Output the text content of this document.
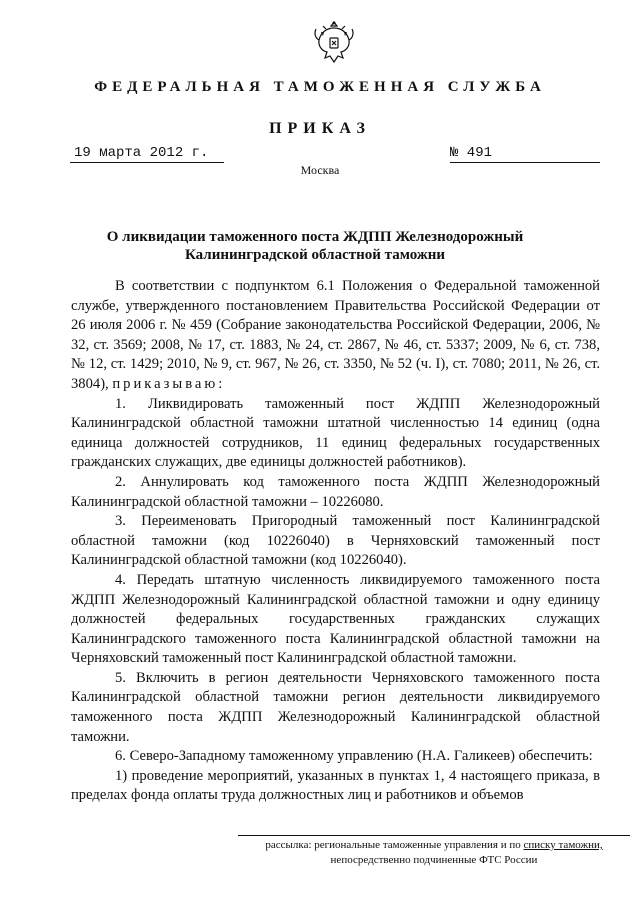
ФЕДЕРАЛЬНАЯ ТАМОЖЕННАЯ СЛУЖБА
ПРИКАЗ
19 марта 2012 г.	№ 491
Москва
О ликвидации таможенного поста ЖДПП Железнодорожный
Калининградской областной таможни

В соответствии с подпунктом 6.1 Положения о Федеральной таможенной службе, утвержденного постановлением Правительства Российской Федерации от 26 июля 2006 г. № 459 (Собрание законодательства Российской Федерации, 2006, № 32, ст. 3569; 2008, № 17, ст. 1883, № 24, ст. 2867, № 46, ст. 5337; 2009, № 6, ст. 738, № 12, ст. 1429; 2010, № 9, ст. 967, № 26, ст. 3350, № 52 (ч. I), ст. 7080; 2011, № 26, ст. 3804), приказываю:

1. Ликвидировать таможенный пост ЖДПП Железнодорожный Калининградской областной таможни штатной численностью 14 единиц (одна единица должностей сотрудников, 11 единиц федеральных государственных гражданских служащих, две единицы должностей работников).

2. Аннулировать код таможенного поста ЖДПП Железнодорожный Калининградской областной таможни – 10226080.

3. Переименовать Пригородный таможенный пост Калининградской областной таможни (код 10226040) в Черняховский таможенный пост Калининградской областной таможни (код 10226040).

4. Передать штатную численность ликвидируемого таможенного поста ЖДПП Железнодорожный Калининградской областной таможни и одну единицу должностей федеральных государственных гражданских служащих Калининградского таможенного поста Калининградской областной таможни на Черняховский таможенный пост Калининградской областной таможни.

5. Включить в регион деятельности Черняховского таможенного поста Калининградской областной таможни регион деятельности ликвидируемого таможенного поста ЖДПП Железнодорожный Калининградской областной таможни.

6. Северо-Западному таможенному управлению (Н.А. Галикеев) обеспечить:

1) проведение мероприятий, указанных в пунктах 1, 4 настоящего приказа, в пределах фонда оплаты труда должностных лиц и работников и объемов

рассылка: региональные таможенные управления и по списку таможни,
непосредственно подчиненные ФТС России
